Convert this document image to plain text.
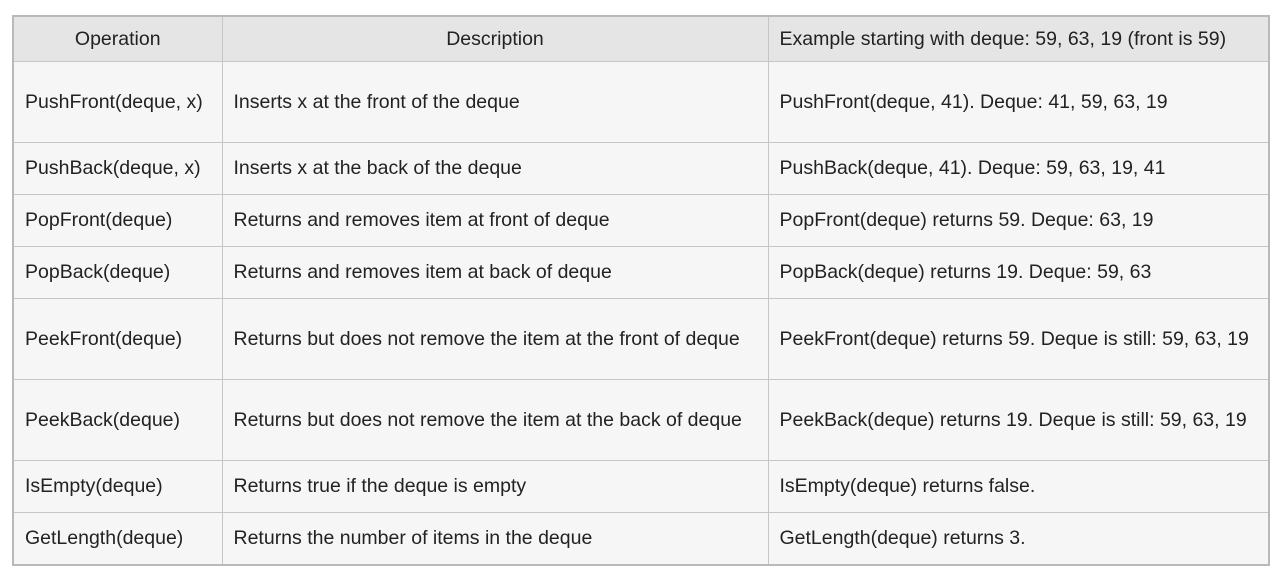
Operation	Description	Example starting with deque: 59, 63, 19 (front is 59)
PushFront(deque, x)	Inserts x at the front of the deque	PushFront(deque, 41). Deque: 41, 59, 63, 19
PushBack(deque, x)	Inserts x at the back of the deque	PushBack(deque, 41). Deque: 59, 63, 19, 41
PopFront(deque)	Returns and removes item at front of deque	PopFront(deque) returns 59. Deque: 63, 19
PopBack(deque)	Returns and removes item at back of deque	PopBack(deque) returns 19. Deque: 59, 63
PeekFront(deque)	Returns but does not remove the item at the front of deque	PeekFront(deque) returns 59. Deque is still: 59, 63, 19
PeekBack(deque)	Returns but does not remove the item at the back of deque	PeekBack(deque) returns 19. Deque is still: 59, 63, 19
IsEmpty(deque)	Returns true if the deque is empty	IsEmpty(deque) returns false.
GetLength(deque)	Returns the number of items in the deque	GetLength(deque) returns 3.
